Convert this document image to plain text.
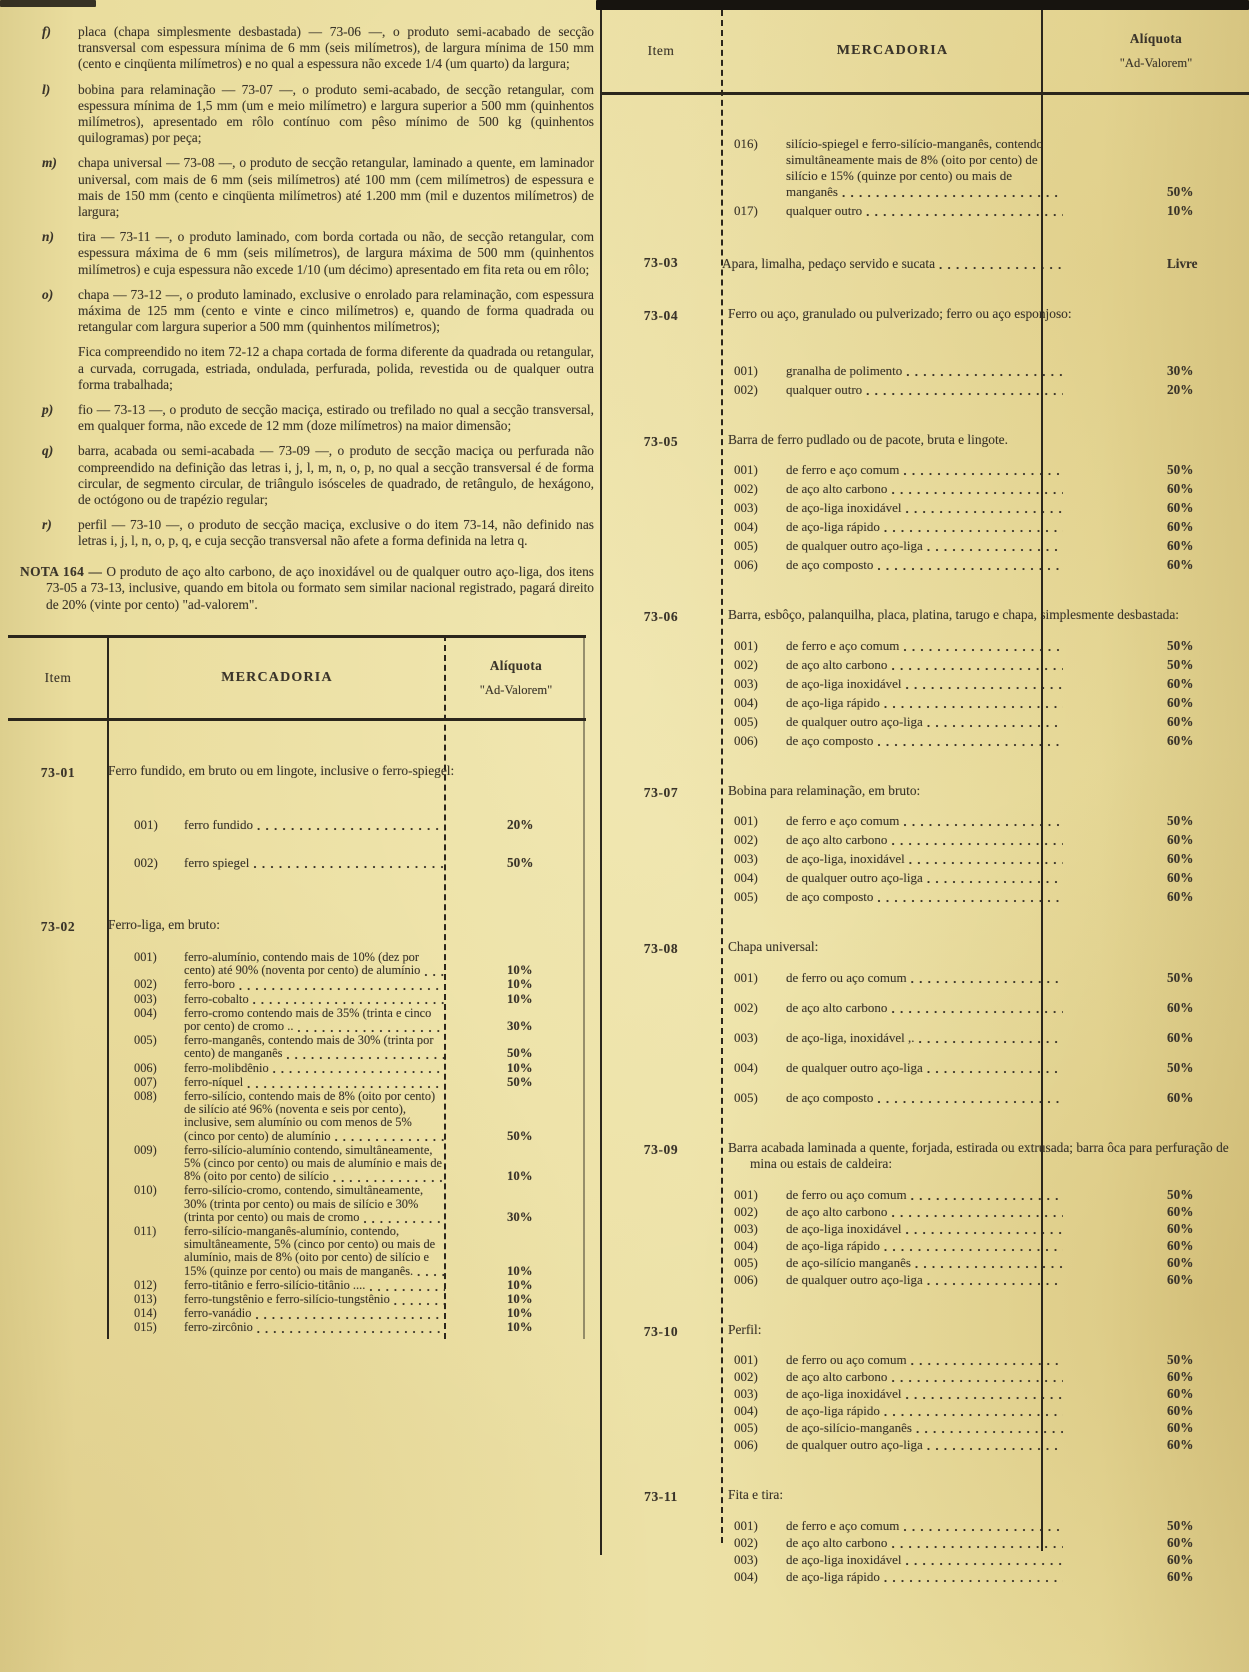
f) placa (chapa simplesmente desbastada) — 73-06 —, o produto semi-acabado de secção transversal com espessura mínima de 6 mm (seis milímetros), de largura mínima de 150 mm (cento e cinqüenta milímetros) e no qual a espessura não excede 1/4 (um quarto) da largura;

l) bobina para relaminação — 73-07 —, o produto semi-acabado, de secção retangular, com espessura mínima de 1,5 mm (um e meio milímetro) e largura superior a 500 mm (quinhentos milímetros), apresentado em rôlo contínuo com pêso mínimo de 500 kg (quinhentos quilogramas) por peça;

m) chapa universal — 73-08 —, o produto de secção retangular, laminado a quente, em laminador universal, com mais de 6 mm (seis milímetros) até 100 mm (cem milímetros) de espessura e mais de 150 mm (cento e cinqüenta milímetros) até 1.200 mm (mil e duzentos milímetros) de largura;

n) tira — 73-11 —, o produto laminado, com borda cortada ou não, de secção retangular, com espessura máxima de 6 mm (seis milímetros), de largura máxima de 500 mm (quinhentos milímetros) e cuja espessura não excede 1/10 (um décimo) apresentado em fita reta ou em rôlo;

o) chapa — 73-12 —, o produto laminado, exclusive o enrolado para relaminação, com espessura máxima de 125 mm (cento e vinte e cinco milímetros) e, quando de forma quadrada ou retangular com largura superior a 500 mm (quinhentos milímetros);

Fica compreendido no item 72-12 a chapa cortada de forma diferente da quadrada ou retangular, a curvada, corrugada, estriada, ondulada, perfurada, polida, revestida ou de qualquer outra forma trabalhada;

p) fio — 73-13 —, o produto de secção maciça, estirado ou trefilado no qual a secção transversal, em qualquer forma, não excede de 12 mm (doze milímetros) na maior dimensão;

q) barra, acabada ou semi-acabada — 73-09 —, o produto de secção maciça ou perfurada não compreendido na definição das letras i, j, l, m, n, o, p, no qual a secção transversal é de forma circular, de segmento circular, de triângulo isósceles de quadrado, de retângulo, de hexágono, de octógono ou de trapézio regular;

r) perfil — 73-10 —, o produto de secção maciça, exclusive o do item 73-14, não definido nas letras i, j, l, n, o, p, q, e cuja secção transversal não afete a forma definida na letra q.

NOTA 164 — O produto de aço alto carbono, de aço inoxidável ou de qualquer outro aço-liga, dos itens 73-05 a 73-13, inclusive, quando em bitola ou formato sem similar nacional registrado, pagará direito de 20% (vinte por cento) "ad-valorem".

Item	MERCADORIA
Alíquota
"Ad-Valorem"
73-01	Ferro fundido, em bruto ou em lingote, inclusive o ferro-spiegel:
001)	ferro fundido	20%
002)	ferro spiegel	50%
73-02	Ferro-liga, em bruto:
001)	ferro-alumínio, contendo mais de 10% (dez por cento) até 90% (noventa por cento) de alumínio	10%
002)	ferro-boro	10%
003)	ferro-cobalto	10%
004)	ferro-cromo contendo mais de 35% (trinta e cinco por cento) de cromo ..	30%
005)	ferro-manganês, contendo mais de 30% (trinta por cento) de manganês	50%
006)	ferro-molibdênio	10%
007)	ferro-níquel	50%
008)	ferro-silício, contendo mais de 8% (oito por cento) de silício até 96% (noventa e seis por cento), inclusive, sem alumínio ou com menos de 5% (cinco por cento) de alumínio	50%
009)	ferro-silício-alumínio contendo, simultâneamente, 5% (cinco por cento) ou mais de alumínio e mais de 8% (oito por cento) de silício	10%
010)	ferro-silício-cromo, contendo, simultâneamente, 30% (trinta por cento) ou mais de silício e 30% (trinta por cento) ou mais de cromo	30%
011)	ferro-silício-manganês-alumínio, contendo, simultâneamente, 5% (cinco por cento) ou mais de alumínio, mais de 8% (oito por cento) de silício e 15% (quinze por cento) ou mais de manganês.	10%
012)	ferro-titânio e ferro-silício-titânio ....	10%
013)	ferro-tungstênio e ferro-silício-tungstênio	10%
014)	ferro-vanádio	10%
015)	ferro-zircônio	10%
Item	MERCADORIA
Alíquota
"Ad-Valorem"
016)	silício-spiegel e ferro-silício-manganês, contendo simultâneamente mais de 8% (oito por cento) de silício e 15% (quinze por cento) ou mais de manganês	50%
017)	qualquer outro	10%
73-03	Apara, limalha, pedaço servido e sucata	Livre
73-04	Ferro ou aço, granulado ou pulverizado; ferro ou aço esponjoso:
001)	granalha de polimento	30%
002)	qualquer outro	20%
73-05	Barra de ferro pudlado ou de pacote, bruta e lingote.
001)	de ferro e aço comum	50%
002)	de aço alto carbono	60%
003)	de aço-liga inoxidável	60%
004)	de aço-liga rápido	60%
005)	de qualquer outro aço-liga	60%
006)	de aço composto	60%
73-06	Barra, esbôço, palanquilha, placa, platina, tarugo e chapa, simplesmente desbastada:
001)	de ferro e aço comum	50%
002)	de aço alto carbono	50%
003)	de aço-liga inoxidável	60%
004)	de aço-liga rápido	60%
005)	de qualquer outro aço-liga	60%
006)	de aço composto	60%
73-07	Bobina para relaminação, em bruto:
001)	de ferro e aço comum	50%
002)	de aço alto carbono	60%
003)	de aço-liga, inoxidável	60%
004)	de qualquer outro aço-liga	60%
005)	de aço composto	60%
73-08	Chapa universal:
001)	de ferro ou aço comum	50%
002)	de aço alto carbono	60%
003)	de aço-liga, inoxidável ,.	60%
004)	de qualquer outro aço-liga	50%
005)	de aço composto	60%
73-09	Barra acabada laminada a quente, forjada, estirada ou extrusada; barra ôca para perfuração de mina ou estais de caldeira:
001)	de ferro ou aço comum	50%
002)	de aço alto carbono	60%
003)	de aço-liga inoxidável	60%
004)	de aço-liga rápido	60%
005)	de aço-silício manganês	60%
006)	de qualquer outro aço-liga	60%
73-10	Perfil:
001)	de ferro ou aço comum	50%
002)	de aço alto carbono	60%
003)	de aço-liga inoxidável	60%
004)	de aço-liga rápido	60%
005)	de aço-silício-manganês	60%
006)	de qualquer outro aço-liga	60%
73-11	Fita e tira:
001)	de ferro e aço comum	50%
002)	de aço alto carbono	60%
003)	de aço-liga inoxidável	60%
004)	de aço-liga rápido	60%
